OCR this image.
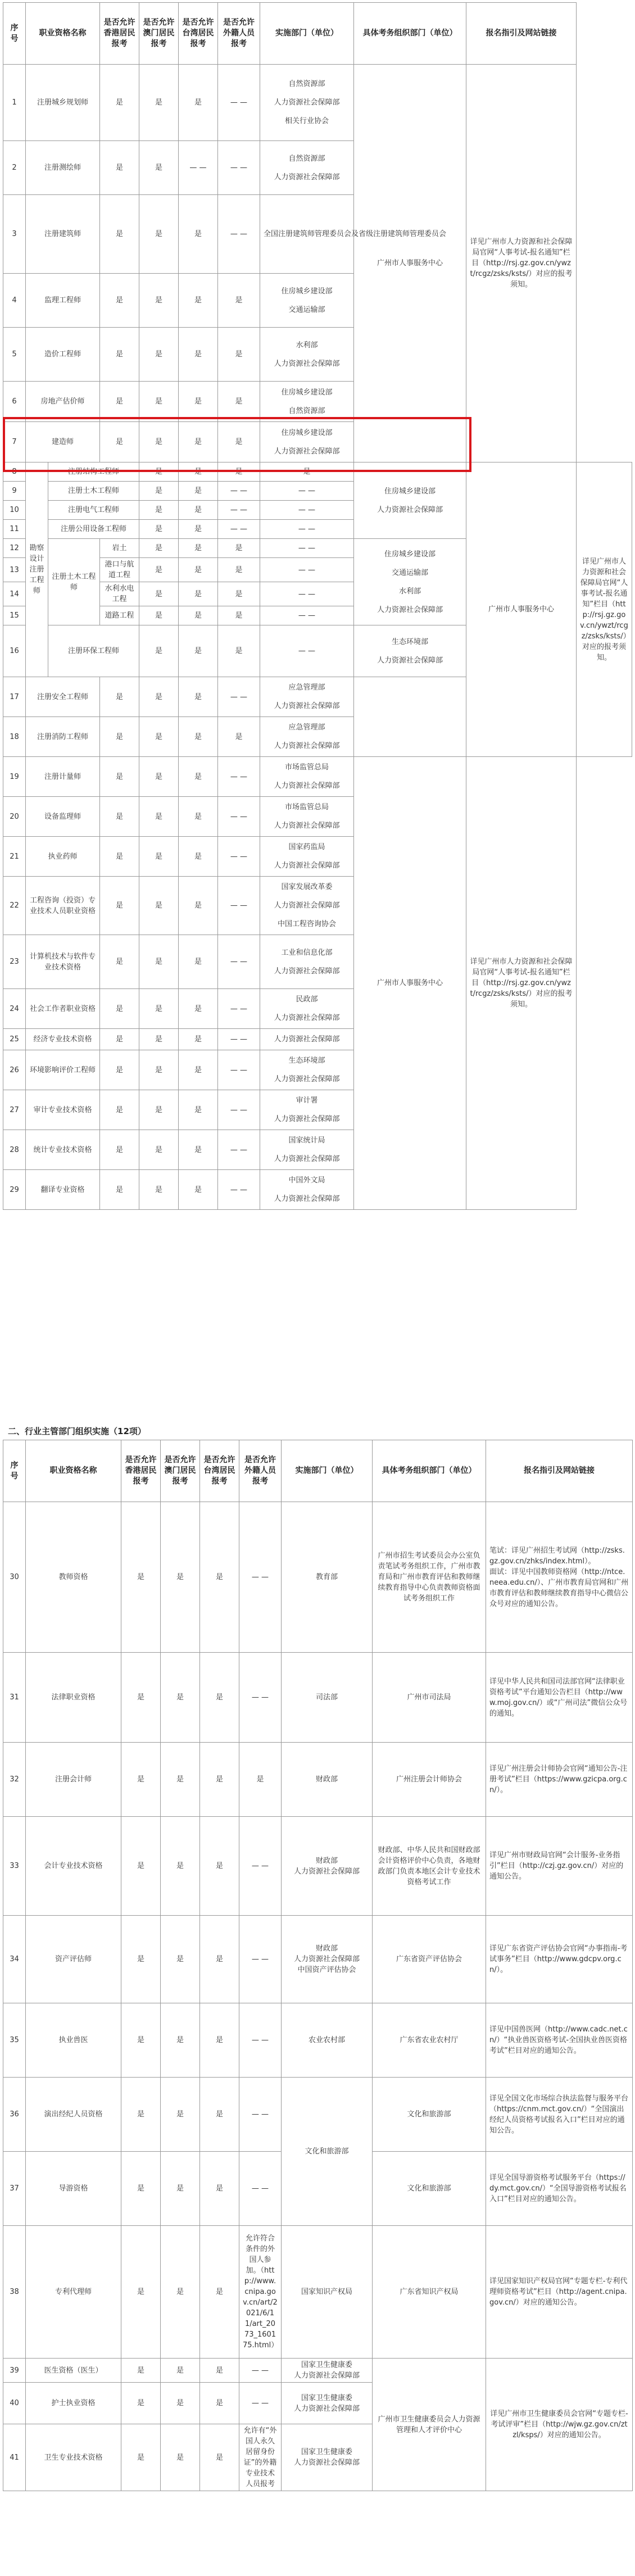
序号	职业资格名称		是否允许香港居民报考	是否允许澳门居民报考	是否允许台湾居民报考	是否允许外籍人员报考	实施部门（单位）	具体考务组织部门（单位）	报名指引及网站链接	
1	注册城乡规划师		是	是	是	— —	自然资源部
人力资源社会保障部
相关行业协会	广州市人事服务中心	详见广州市人力资源和社会保障局官网“人事考试-报名通知”栏目（http://rsj.gz.gov.cn/ywzt/rcgz/zsks/ksts/）对应的报考须知。	
2	注册测绘师		是	是	— —	— —	自然资源部
人力资源社会保障部			

3	注册建筑师		是	是	是	— —	全国注册建筑师管理委员会及省级注册建筑师管理委员会			

4	监理工程师		是	是	是	是	住房城乡建设部
交通运输部			

5	造价工程师		是	是	是	是	水利部
人力资源社会保障部			

6	房地产估价师		是	是	是	是	住房城乡建设部
自然资源部			

7	建造师		是	是	是	是	住房城乡建设部
人力资源社会保障部			

8	勘察设计注册工程师	注册结构工程师		是	是	是	是	住房城乡建设部
人力资源社会保障部	广州市人事服务中心	详见广州市人力资源和社会保障局官网“人事考试-报名通知”栏目（http://rsj.gz.gov.cn/ywzt/rcgz/zsks/ksts/）对应的报考须知。
9		注册土木工程师		是	是	— —	— —			
10		注册电气工程师		是	是	— —	— —			
11		注册公用设备工程师		是	是	— —	— —			
12		注册土木工程师	岩土	是	是	是	— —	住房城乡建设部
交通运输部
水利部
人力资源社会保障部		

13			港口与航道工程	是	是	是	— —			
14			水利水电工程	是	是	是	— —			
15			道路工程	是	是	是	— —			
16		注册环保工程师		是	是	是	— —	生态环境部
人力资源社会保障部		

17	注册安全工程师		是	是	是	— —	应急管理部
人力资源社会保障部			

18	注册消防工程师		是	是	是	是	应急管理部
人力资源社会保障部			

19	注册计量师		是	是	是	— —	市场监管总局
人力资源社会保障部	广州市人事服务中心	详见广州市人力资源和社会保障局官网“人事考试-报名通知”栏目（http://rsj.gz.gov.cn/ywzt/rcgz/zsks/ksts/）对应的报考须知。	
20	设备监理师		是	是	是	— —	市场监管总局
人力资源社会保障部			

21	执业药师		是	是	是	— —	国家药监局
人力资源社会保障部			

22	工程咨询（投资）专业技术人员职业资格		是	是	是	— —	国家发展改革委
人力资源社会保障部
中国工程咨询协会			

23	计算机技术与软件专业技术资格		是	是	是	— —	工业和信息化部
人力资源社会保障部			

24	社会工作者职业资格		是	是	是	— —	民政部
人力资源社会保障部			

25	经济专业技术资格		是	是	是	— —	人力资源社会保障部			

26	环境影响评价工程师		是	是	是	— —	生态环境部
人力资源社会保障部			

27	审计专业技术资格		是	是	是	— —	审计署
人力资源社会保障部			

28	统计专业技术资格		是	是	是	— —	国家统计局
人力资源社会保障部			

29	翻译专业资格		是	是	是	— —	中国外文局
人力资源社会保障部			
二、行业主管部门组织实施（12项）
序号	职业资格名称	是否允许香港居民报考	是否允许澳门居民报考	是否允许台湾居民报考	是否允许外籍人员报考	实施部门（单位）	具体考务组织部门（单位）	报名指引及网站链接
30	教师资格	是	是	是	— —	教育部	广州市招生考试委员会办公室负责笔试考务组织工作，广州市教育局和广州市教育评估和教师继续教育指导中心负责教师资格面试考务组织工作	笔试：详见广州招生考试网（http://zsks.gz.gov.cn/zhks/index.html）。
面试：详见中国教师资格网（http://ntce.neea.edu.cn/）、广州市教育局官网和广州市教育评估和教师继续教育指导中心微信公众号对应的通知公告。
31	法律职业资格	是	是	是	— —	司法部	广州市司法局	详见中华人民共和国司法部官网“法律职业资格考试”平台通知公告栏目（http://www.moj.gov.cn/）或“广州司法”微信公众号的通知。
32	注册会计师	是	是	是	是	财政部	广州注册会计师协会	详见广州注册会计师协会官网“通知公告-注册考试”栏目（https://www.gzicpa.org.cn/）。
33	会计专业技术资格	是	是	是	— —	财政部
人力资源社会保障部	财政部、中华人民共和国财政部会计资格评价中心负责，各地财政部门负责本地区会计专业技术资格考试工作	详见广州市财政局官网“会计服务-业务指引”栏目（http://czj.gz.gov.cn/）对应的通知公告。
34	资产评估师	是	是	是	— —	财政部
人力资源社会保障部
中国资产评估协会	广东省资产评估协会	详见广东省资产评估协会官网“办事指南-考试事务”栏目（http://www.gdcpv.org.cn/）。
35	执业兽医	是	是	是	— —	农业农村部	广东省农业农村厅	详见中国兽医网（http://www.cadc.net.cn/）“执业兽医资格考试-全国执业兽医资格考试”栏目对应的通知公告。
36	演出经纪人员资格	是	是	是	— —	文化和旅游部	文化和旅游部	详见全国文化市场综合执法监督与服务平台（https://cnm.mct.gov.cn/）“全国演出经纪人员资格考试报名入口”栏目对应的通知公告。
37	导游资格	是	是	是	— —		文化和旅游部	详见全国导游资格考试服务平台（https://dy.mct.gov.cn/）“全国导游资格考试报名入口”栏目对应的通知公告。
38	专利代理师	是	是	是	允许符合条件的外国人参加。（http://www.cnipa.gov.cn/art/2021/6/11/art_2073_160175.html）	国家知识产权局	广东省知识产权局	详见国家知识产权局官网“专题专栏-专利代理师资格考试”栏目（http://agent.cnipa.gov.cn/）对应的通知公告。
39	医生资格（医生）	是	是	是	— —	国家卫生健康委
人力资源社会保障部	广州市卫生健康委员会人力资源管理和人才评价中心	详见广州市卫生健康委员会官网“专题专栏-考试评审”栏目（http://wjw.gz.gov.cn/ztzl/ksps/）对应的通知公告。
40	护士执业资格	是	是	是	— —	国家卫生健康委
人力资源社会保障部		
41	卫生专业技术资格	是	是	是	允许有“外国人永久居留身份证”的外籍专业技术人员报考	国家卫生健康委
人力资源社会保障部		
